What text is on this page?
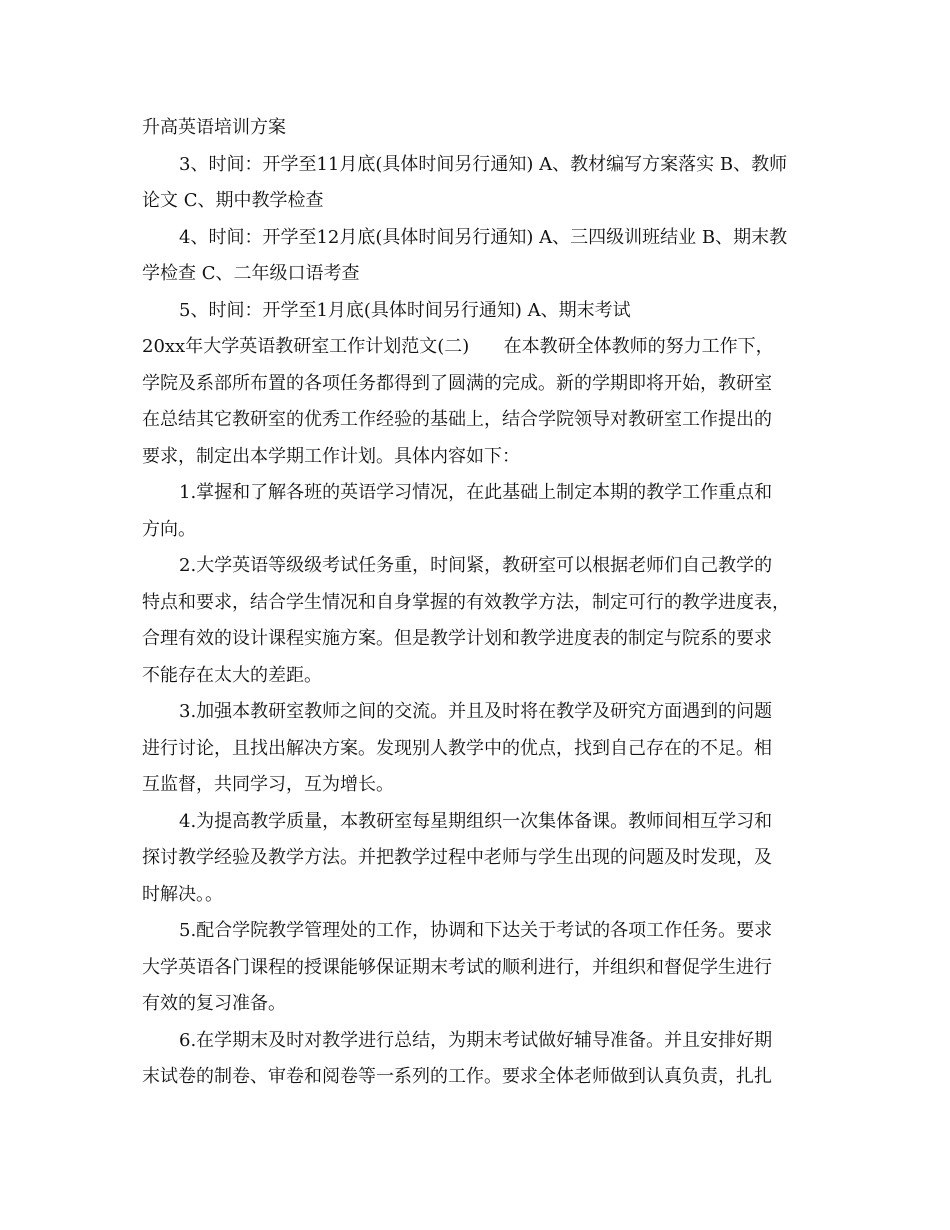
升高英语培训方案
3、时间：开学至11月底(具体时间另行通知) A、教材编写方案落实 B、教师
论文 C、期中教学检查
4、时间：开学至12月底(具体时间另行通知) A、三四级训班结业 B、期末教
学检查 C、二年级口语考查
5、时间：开学至1月底(具体时间另行通知) A、期末考试
20xx年大学英语教研室工作计划范文(二)      在本教研全体教师的努力工作下，
学院及系部所布置的各项任务都得到了圆满的完成。新的学期即将开始，教研室
在总结其它教研室的优秀工作经验的基础上，结合学院领导对教研室工作提出的
要求，制定出本学期工作计划。具体内容如下：
1.掌握和了解各班的英语学习情况，在此基础上制定本期的教学工作重点和
方向。
2.大学英语等级级考试任务重，时间紧，教研室可以根据老师们自己教学的
特点和要求，结合学生情况和自身掌握的有效教学方法，制定可行的教学进度表，
合理有效的设计课程实施方案。但是教学计划和教学进度表的制定与院系的要求
不能存在太大的差距。
3.加强本教研室教师之间的交流。并且及时将在教学及研究方面遇到的问题
进行讨论，且找出解决方案。发现别人教学中的优点，找到自己存在的不足。相
互监督，共同学习，互为增长。
4.为提高教学质量，本教研室每星期组织一次集体备课。教师间相互学习和
探讨教学经验及教学方法。并把教学过程中老师与学生出现的问题及时发现，及
时解决。。
5.配合学院教学管理处的工作，协调和下达关于考试的各项工作任务。要求
大学英语各门课程的授课能够保证期末考试的顺利进行，并组织和督促学生进行
有效的复习准备。
6.在学期末及时对教学进行总结，为期末考试做好辅导准备。并且安排好期
末试卷的制卷、审卷和阅卷等一系列的工作。要求全体老师做到认真负责，扎扎
